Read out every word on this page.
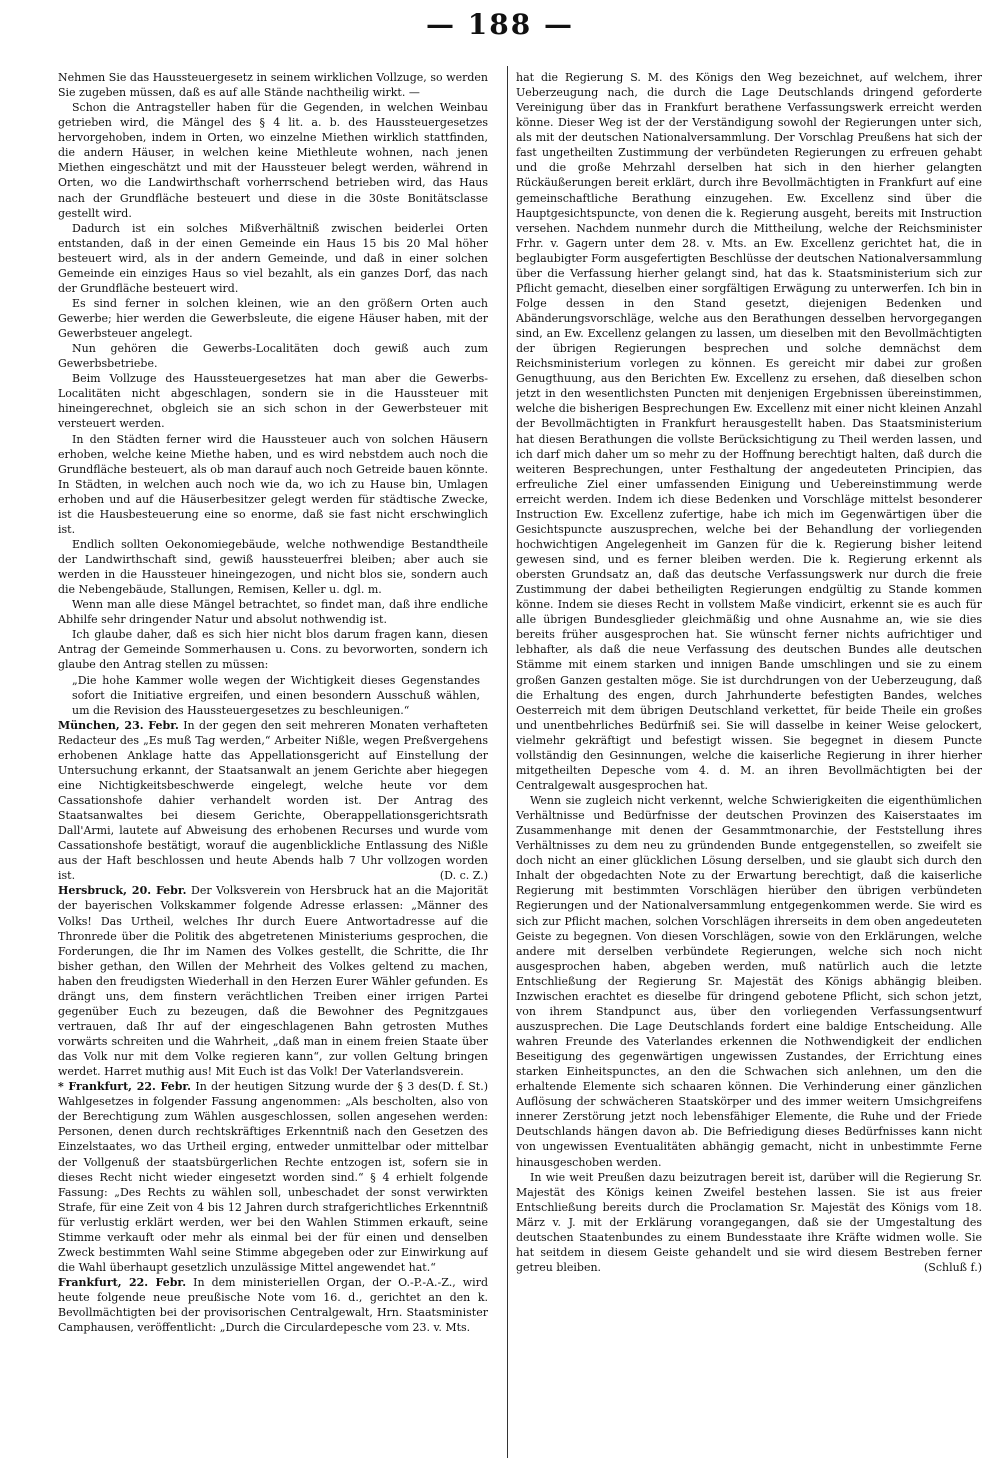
— 188 —

Nehmen Sie das Haussteuergesetz in seinem wirklichen Vollzuge, so werden Sie zugeben müssen, daß es auf alle Stände nachtheilig wirkt. —

Schon die Antragsteller haben für die Gegenden, in welchen Weinbau getrieben wird, die Mängel des § 4 lit. a. b. des Haussteuergesetzes hervorgehoben, indem in Orten, wo einzelne Miethen wirklich stattfinden, die andern Häuser, in welchen keine Miethleute wohnen, nach jenen Miethen eingeschätzt und mit der Haussteuer belegt werden, während in Orten, wo die Landwirthschaft vorherrschend betrieben wird, das Haus nach der Grundfläche besteuert und diese in die 30ste Bonitätsclasse gestellt wird.

Dadurch ist ein solches Mißverhältniß zwischen beiderlei Orten entstanden, daß in der einen Gemeinde ein Haus 15 bis 20 Mal höher besteuert wird, als in der andern Gemeinde, und daß in einer solchen Gemeinde ein einziges Haus so viel bezahlt, als ein ganzes Dorf, das nach der Grundfläche besteuert wird.

Es sind ferner in solchen kleinen, wie an den größern Orten auch Gewerbe; hier werden die Gewerbsleute, die eigene Häuser haben, mit der Gewerbsteuer angelegt.

Nun gehören die Gewerbs-Localitäten doch gewiß auch zum Gewerbsbetriebe.

Beim Vollzuge des Haussteuergesetzes hat man aber die Gewerbs-Localitäten nicht abgeschlagen, sondern sie in die Haussteuer mit hineingerechnet, obgleich sie an sich schon in der Gewerbsteuer mit versteuert werden.

In den Städten ferner wird die Haussteuer auch von solchen Häusern erhoben, welche keine Miethe haben, und es wird nebstdem auch noch die Grundfläche besteuert, als ob man darauf auch noch Getreide bauen könnte. In Städten, in welchen auch noch wie da, wo ich zu Hause bin, Umlagen erhoben und auf die Häuserbesitzer gelegt werden für städtische Zwecke, ist die Hausbesteuerung eine so enorme, daß sie fast nicht erschwinglich ist.

Endlich sollten Oekonomiegebäude, welche nothwendige Bestandtheile der Landwirthschaft sind, gewiß haussteuerfrei bleiben; aber auch sie werden in die Haussteuer hineingezogen, und nicht blos sie, sondern auch die Nebengebäude, Stallungen, Remisen, Keller u. dgl. m.

Wenn man alle diese Mängel betrachtet, so findet man, daß ihre endliche Abhilfe sehr dringender Natur und absolut nothwendig ist.

Ich glaube daher, daß es sich hier nicht blos darum fragen kann, diesen Antrag der Gemeinde Sommerhausen u. Cons. zu bevorworten, sondern ich glaube den Antrag stellen zu müssen:

„Die hohe Kammer wolle wegen der Wichtigkeit dieses Gegenstandes sofort die Initiative ergreifen, und einen besondern Ausschuß wählen, um die Revision des Haussteuergesetzes zu beschleunigen.“

München, 23. Febr. In der gegen den seit mehreren Monaten verhafteten Redacteur des „Es muß Tag werden,“ Arbeiter Nißle, wegen Preßvergehens erhobenen Anklage hatte das Appellationsgericht auf Einstellung der Untersuchung erkannt, der Staatsanwalt an jenem Gerichte aber hiegegen eine Nichtigkeitsbeschwerde eingelegt, welche heute vor dem Cassationshofe dahier verhandelt worden ist. Der Antrag des Staatsanwaltes bei diesem Gerichte, Oberappellationsgerichtsrath Dall'Armi, lautete auf Abweisung des erhobenen Recurses und wurde vom Cassationshofe bestätigt, worauf die augenblickliche Entlassung des Nißle aus der Haft beschlossen und heute Abends halb 7 Uhr vollzogen worden ist.	(D. c. Z.)

Hersbruck, 20. Febr. Der Volksverein von Hersbruck hat an die Majorität der bayerischen Volkskammer folgende Adresse erlassen: „Männer des Volks! Das Urtheil, welches Ihr durch Euere Antwortadresse auf die Thronrede über die Politik des abgetretenen Ministeriums gesprochen, die Forderungen, die Ihr im Namen des Volkes gestellt, die Schritte, die Ihr bisher gethan, den Willen der Mehrheit des Volkes geltend zu machen, haben den freudigsten Wiederhall in den Herzen Eurer Wähler gefunden. Es drängt uns, dem finstern verächtlichen Treiben einer irrigen Partei gegenüber Euch zu bezeugen, daß die Bewohner des Pegnitzgaues vertrauen, daß Ihr auf der eingeschlagenen Bahn getrosten Muthes vorwärts schreiten und die Wahrheit, „daß man in einem freien Staate über das Volk nur mit dem Volke regieren kann“, zur vollen Geltung bringen werdet. Harret muthig aus! Mit Euch ist das Volk! Der Vaterlandsverein.
(D. f. St.)

* Frankfurt, 22. Febr. In der heutigen Sitzung wurde der § 3 des Wahlgesetzes in folgender Fassung angenommen: „Als bescholten, also von der Berechtigung zum Wählen ausgeschlossen, sollen angesehen werden: Personen, denen durch rechtskräftiges Erkenntniß nach den Gesetzen des Einzelstaates, wo das Urtheil erging, entweder unmittelbar oder mittelbar der Vollgenuß der staatsbürgerlichen Rechte entzogen ist, sofern sie in dieses Recht nicht wieder eingesetzt worden sind.“ § 4 erhielt folgende Fassung: „Des Rechts zu wählen soll, unbeschadet der sonst verwirkten Strafe, für eine Zeit von 4 bis 12 Jahren durch strafgerichtliches Erkenntniß für verlustig erklärt werden, wer bei den Wahlen Stimmen erkauft, seine Stimme verkauft oder mehr als einmal bei der für einen und denselben Zweck bestimmten Wahl seine Stimme abgegeben oder zur Einwirkung auf die Wahl überhaupt gesetzlich unzulässige Mittel angewendet hat.“

Frankfurt, 22. Febr. In dem ministeriellen Organ, der O.-P.-A.-Z., wird heute folgende neue preußische Note vom 16. d., gerichtet an den k. Bevollmächtigten bei der provisorischen Centralgewalt, Hrn. Staatsminister Camphausen, veröffentlicht: „Durch die Circulardepesche vom 23. v. Mts.

hat die Regierung S. M. des Königs den Weg bezeichnet, auf welchem, ihrer Ueberzeugung nach, die durch die Lage Deutschlands dringend geforderte Vereinigung über das in Frankfurt berathene Verfassungswerk erreicht werden könne. Dieser Weg ist der der Verständigung sowohl der Regierungen unter sich, als mit der deutschen Nationalversammlung. Der Vorschlag Preußens hat sich der fast ungetheilten Zustimmung der verbündeten Regierungen zu erfreuen gehabt und die große Mehrzahl derselben hat sich in den hierher gelangten Rückäußerungen bereit erklärt, durch ihre Bevollmächtigten in Frankfurt auf eine gemeinschaftliche Berathung einzugehen. Ew. Excellenz sind über die Hauptgesichtspuncte, von denen die k. Regierung ausgeht, bereits mit Instruction versehen. Nachdem nunmehr durch die Mittheilung, welche der Reichsminister Frhr. v. Gagern unter dem 28. v. Mts. an Ew. Excellenz gerichtet hat, die in beglaubigter Form ausgefertigten Beschlüsse der deutschen Nationalversammlung über die Verfassung hierher gelangt sind, hat das k. Staatsministerium sich zur Pflicht gemacht, dieselben einer sorgfältigen Erwägung zu unterwerfen. Ich bin in Folge dessen in den Stand gesetzt, diejenigen Bedenken und Abänderungsvorschläge, welche aus den Berathungen desselben hervorgegangen sind, an Ew. Excellenz gelangen zu lassen, um dieselben mit den Bevollmächtigten der übrigen Regierungen besprechen und solche demnächst dem Reichsministerium vorlegen zu können. Es gereicht mir dabei zur großen Genugthuung, aus den Berichten Ew. Excellenz zu ersehen, daß dieselben schon jetzt in den wesentlichsten Puncten mit denjenigen Ergebnissen übereinstimmen, welche die bisherigen Besprechungen Ew. Excellenz mit einer nicht kleinen Anzahl der Bevollmächtigten in Frankfurt herausgestellt haben. Das Staatsministerium hat diesen Berathungen die vollste Berücksichtigung zu Theil werden lassen, und ich darf mich daher um so mehr zu der Hoffnung berechtigt halten, daß durch die weiteren Besprechungen, unter Festhaltung der angedeuteten Principien, das erfreuliche Ziel einer umfassenden Einigung und Uebereinstimmung werde erreicht werden. Indem ich diese Bedenken und Vorschläge mittelst besonderer Instruction Ew. Excellenz zufertige, habe ich mich im Gegenwärtigen über die Gesichtspuncte auszusprechen, welche bei der Behandlung der vorliegenden hochwichtigen Angelegenheit im Ganzen für die k. Regierung bisher leitend gewesen sind, und es ferner bleiben werden. Die k. Regierung erkennt als obersten Grundsatz an, daß das deutsche Verfassungswerk nur durch die freie Zustimmung der dabei betheiligten Regierungen endgültig zu Stande kommen könne. Indem sie dieses Recht in vollstem Maße vindicirt, erkennt sie es auch für alle übrigen Bundesglieder gleichmäßig und ohne Ausnahme an, wie sie dies bereits früher ausgesprochen hat. Sie wünscht ferner nichts aufrichtiger und lebhafter, als daß die neue Verfassung des deutschen Bundes alle deutschen Stämme mit einem starken und innigen Bande umschlingen und sie zu einem großen Ganzen gestalten möge. Sie ist durchdrungen von der Ueberzeugung, daß die Erhaltung des engen, durch Jahrhunderte befestigten Bandes, welches Oesterreich mit dem übrigen Deutschland verkettet, für beide Theile ein großes und unentbehrliches Bedürfniß sei. Sie will dasselbe in keiner Weise gelockert, vielmehr gekräftigt und befestigt wissen. Sie begegnet in diesem Puncte vollständig den Gesinnungen, welche die kaiserliche Regierung in ihrer hierher mitgetheilten Depesche vom 4. d. M. an ihren Bevollmächtigten bei der Centralgewalt ausgesprochen hat.

Wenn sie zugleich nicht verkennt, welche Schwierigkeiten die eigenthümlichen Verhältnisse und Bedürfnisse der deutschen Provinzen des Kaiserstaates im Zusammenhange mit denen der Gesammtmonarchie, der Feststellung ihres Verhältnisses zu dem neu zu gründenden Bunde entgegenstellen, so zweifelt sie doch nicht an einer glücklichen Lösung derselben, und sie glaubt sich durch den Inhalt der obgedachten Note zu der Erwartung berechtigt, daß die kaiserliche Regierung mit bestimmten Vorschlägen hierüber den übrigen verbündeten Regierungen und der Nationalversammlung entgegenkommen werde. Sie wird es sich zur Pflicht machen, solchen Vorschlägen ihrerseits in dem oben angedeuteten Geiste zu begegnen. Von diesen Vorschlägen, sowie von den Erklärungen, welche andere mit derselben verbündete Regierungen, welche sich noch nicht ausgesprochen haben, abgeben werden, muß natürlich auch die letzte Entschließung der Regierung Sr. Majestät des Königs abhängig bleiben. Inzwischen erachtet es dieselbe für dringend gebotene Pflicht, sich schon jetzt, von ihrem Standpunct aus, über den vorliegenden Verfassungsentwurf auszusprechen. Die Lage Deutschlands fordert eine baldige Entscheidung. Alle wahren Freunde des Vaterlandes erkennen die Nothwendigkeit der endlichen Beseitigung des gegenwärtigen ungewissen Zustandes, der Errichtung eines starken Einheitspunctes, an den die Schwachen sich anlehnen, um den die erhaltende Elemente sich schaaren können. Die Verhinderung einer gänzlichen Auflösung der schwächeren Staatskörper und des immer weitern Umsichgreifens innerer Zerstörung jetzt noch lebensfähiger Elemente, die Ruhe und der Friede Deutschlands hängen davon ab. Die Befriedigung dieses Bedürfnisses kann nicht von ungewissen Eventualitäten abhängig gemacht, nicht in unbestimmte Ferne hinausgeschoben werden.

In wie weit Preußen dazu beizutragen bereit ist, darüber will die Regierung Sr. Majestät des Königs keinen Zweifel bestehen lassen. Sie ist aus freier Entschließung bereits durch die Proclamation Sr. Majestät des Königs vom 18. März v. J. mit der Erklärung vorangegangen, daß sie der Umgestaltung des deutschen Staatenbundes zu einem Bundesstaate ihre Kräfte widmen wolle. Sie hat seitdem in diesem Geiste gehandelt und sie wird diesem Bestreben ferner getreu bleiben.	(Schluß f.)
